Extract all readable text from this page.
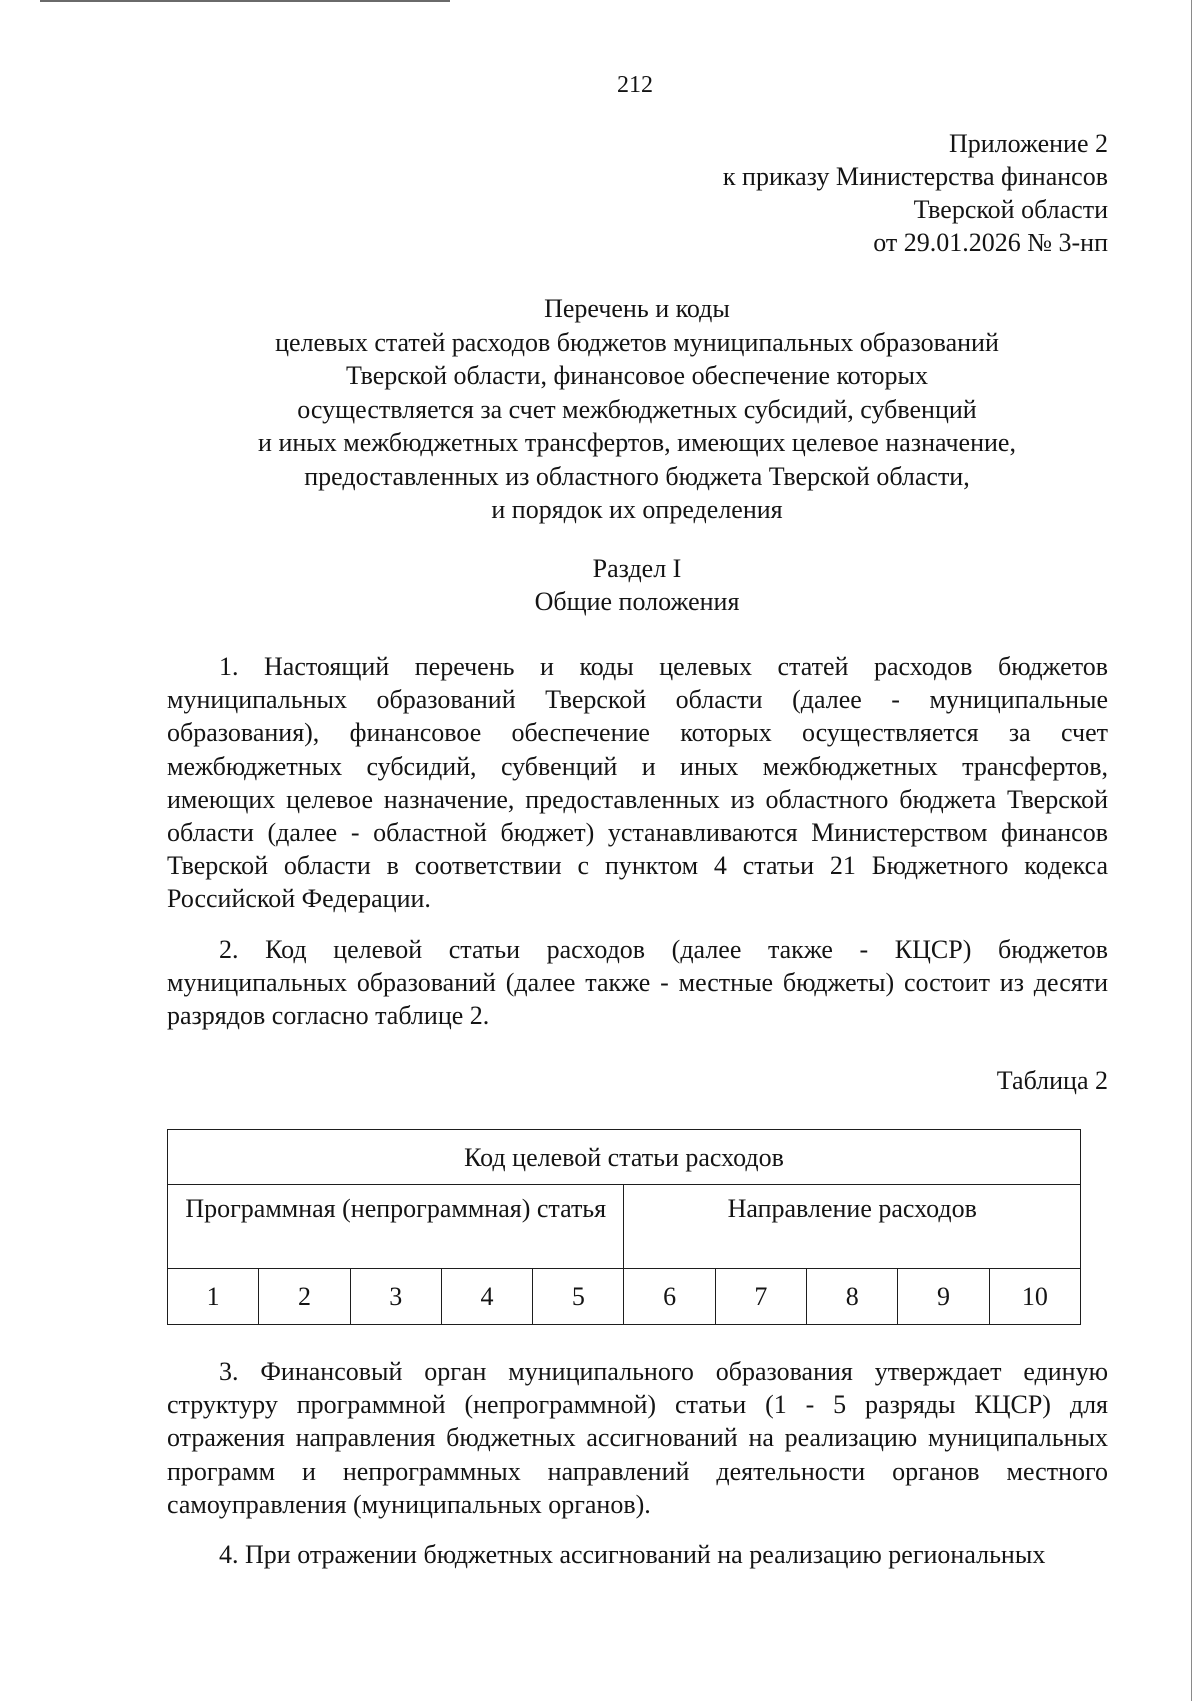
212
Приложение 2
к приказу Министерства финансов
Тверской области
от 29.01.2026 № 3-нп
Перечень и коды
целевых статей расходов бюджетов муниципальных образований
Тверской области, финансовое обеспечение которых
осуществляется за счет межбюджетных субсидий, субвенций
и иных межбюджетных трансфертов, имеющих целевое назначение,
предоставленных из областного бюджета Тверской области,
и порядок их определения
Раздел I
Общие положения

1. Настоящий перечень и коды целевых статей расходов бюджетов муниципальных образований Тверской области (далее - муниципальные образования), финансовое обеспечение которых осуществляется за счет межбюджетных субсидий, субвенций и иных межбюджетных трансфертов, имеющих целевое назначение, предоставленных из областного бюджета Тверской области (далее - областной бюджет) устанавливаются Министерством финансов Тверской области в соответствии с пунктом 4 статьи 21 Бюджетного кодекса Российской Федерации.

2. Код целевой статьи расходов (далее также - КЦСР) бюджетов муниципальных образований (далее также - местные бюджеты) состоит из десяти разрядов согласно таблице 2.

Таблица 2
Код целевой статьи расходов									
Программная (непрограммная) статья					Направление расходов				
1	2	3	4	5	6	7	8	9	10

3. Финансовый орган муниципального образования утверждает единую структуру программной (непрограммной) статьи (1 - 5 разряды КЦСР) для отражения направления бюджетных ассигнований на реализацию муниципальных программ и непрограммных направлений деятельности органов местного самоуправления (муниципальных органов).

4. При отражении бюджетных ассигнований на реализацию региональных
